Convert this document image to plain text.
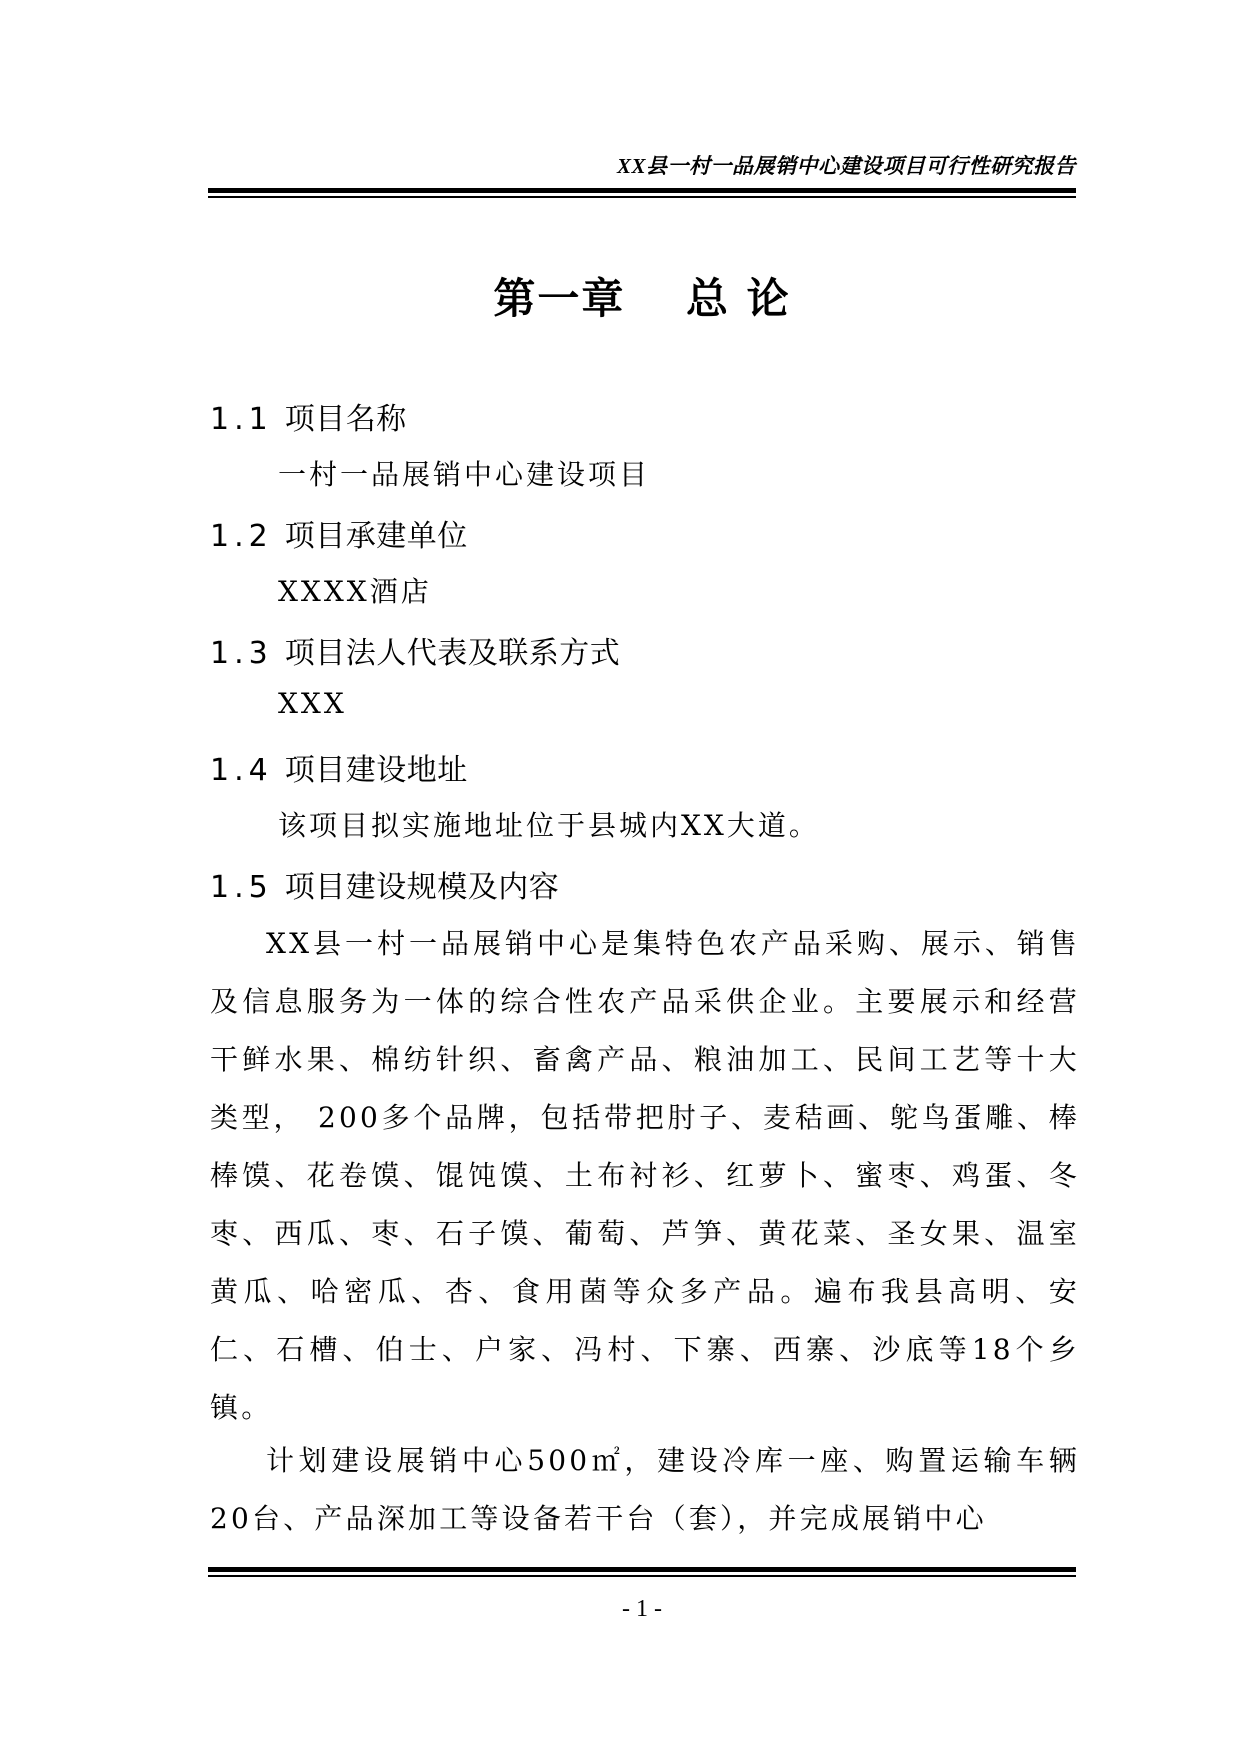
XX县一村一品展销中心建设项目可行性研究报告
第一章　 总 论
1.1 项目名称
一村一品展销中心建设项目
1.2 项目承建单位
XXXX酒店
1.3 项目法人代表及联系方式
XXX
1.4 项目建设地址
该项目拟实施地址位于县城内XX大道。
1.5 项目建设规模及内容
XX县一村一品展销中心是集特色农产品采购、展示、销售及信息服务为一体的综合性农产品采供企业。主要展示和经营干鲜水果、棉纺针织、畜禽产品、粮油加工、民间工艺等十大类型， 200多个品牌，包括带把肘子、麦秸画、鸵鸟蛋雕、棒棒馍、花卷馍、馄饨馍、土布衬衫、红萝卜、蜜枣、鸡蛋、冬枣、西瓜、枣、石子馍、葡萄、芦笋、黄花菜、圣女果、温室黄瓜、哈密瓜、杏、食用菌等众多产品。遍布我县高明、安仁、石槽、伯士、户家、冯村、下寨、西寨、沙底等18个乡镇。
计划建设展销中心500㎡，建设冷库一座、购置运输车辆20台、产品深加工等设备若干台（套），并完成展销中心
- 1 -
